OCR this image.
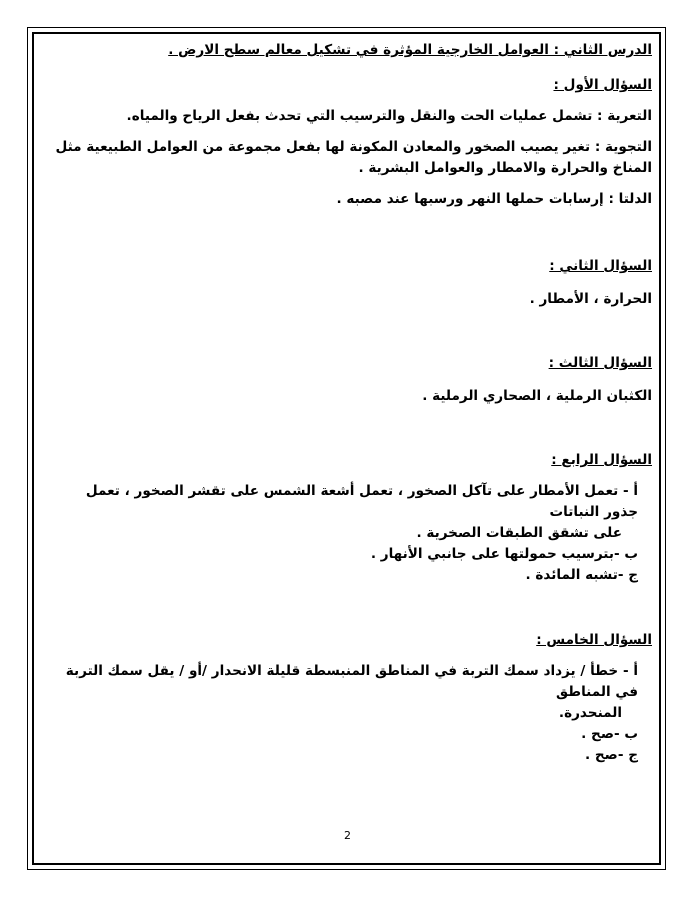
الدرس الثاني : العوامل الخارجية المؤثرة في تشكيل معالم سطح الارض .

السؤال الأول :

التعرية : تشمل عمليات الحت والنقل والترسيب التي تحدث بفعل الرياح والمياه.

التجوية : تغير يصيب الصخور والمعادن المكونة لها بفعل مجموعة من العوامل الطبيعية مثل المناخ والحرارة والامطار والعوامل البشرية .

الدلتا : إرسابات حملها النهر ورسبها عند مصبه .

السؤال الثاني :

الحرارة ، الأمطار .

السؤال الثالث :

الكثبان الرملية ، الصحاري الرملية .

السؤال الرابع :

أ - تعمل الأمطار على تآكل الصخور ، تعمل أشعة الشمس على تقشر الصخور ، تعمل جذور النباتات

على تشقق الطبقات الصخرية .

ب -بترسيب حمولتها على جانبي الأنهار .

ج -تشبه المائدة .

السؤال الخامس :

أ - خطأ / يزداد سمك التربة في المناطق المنبسطة قليلة الانحدار /أو / يقل سمك التربة في المناطق

المنحدرة.

ب -صح .

ج -صح .

2
